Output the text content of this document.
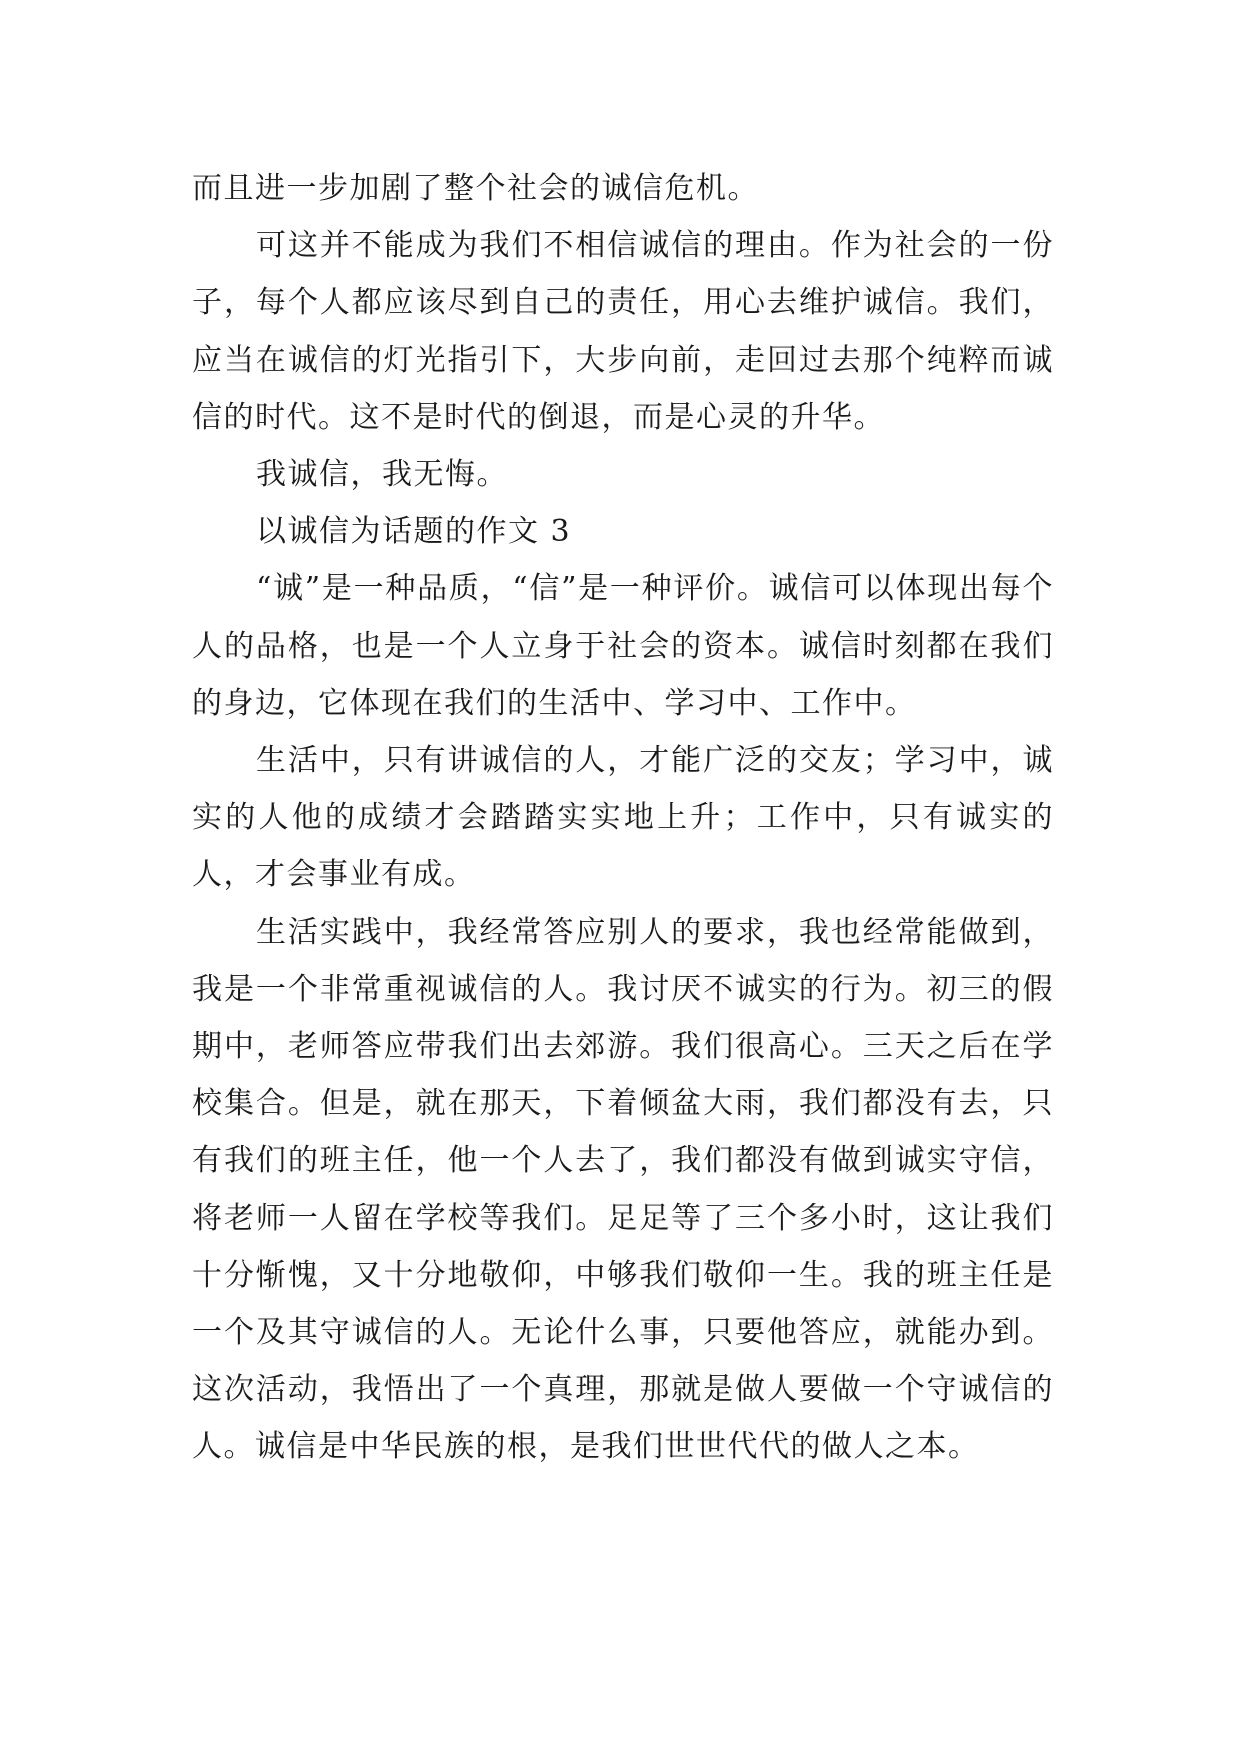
而且进一步加剧了整个社会的诚信危机。

可这并不能成为我们不相信诚信的理由。作为社会的一份子，每个人都应该尽到自己的责任，用心去维护诚信。我们，应当在诚信的灯光指引下，大步向前，走回过去那个纯粹而诚信的时代。这不是时代的倒退，而是心灵的升华。

我诚信，我无悔。

以诚信为话题的作文 3

“诚”是一种品质，“信”是一种评价。诚信可以体现出每个人的品格，也是一个人立身于社会的资本。诚信时刻都在我们的身边，它体现在我们的生活中、学习中、工作中。

生活中，只有讲诚信的人，才能广泛的交友；学习中，诚实的人他的成绩才会踏踏实实地上升；工作中，只有诚实的人，才会事业有成。

生活实践中，我经常答应别人的要求，我也经常能做到，我是一个非常重视诚信的人。我讨厌不诚实的行为。初三的假期中，老师答应带我们出去郊游。我们很高心。三天之后在学校集合。但是，就在那天，下着倾盆大雨，我们都没有去，只有我们的班主任，他一个人去了，我们都没有做到诚实守信，将老师一人留在学校等我们。足足等了三个多小时，这让我们十分惭愧，又十分地敬仰，中够我们敬仰一生。我的班主任是一个及其守诚信的人。无论什么事，只要他答应，就能办到。这次活动，我悟出了一个真理，那就是做人要做一个守诚信的人。诚信是中华民族的根，是我们世世代代的做人之本。
